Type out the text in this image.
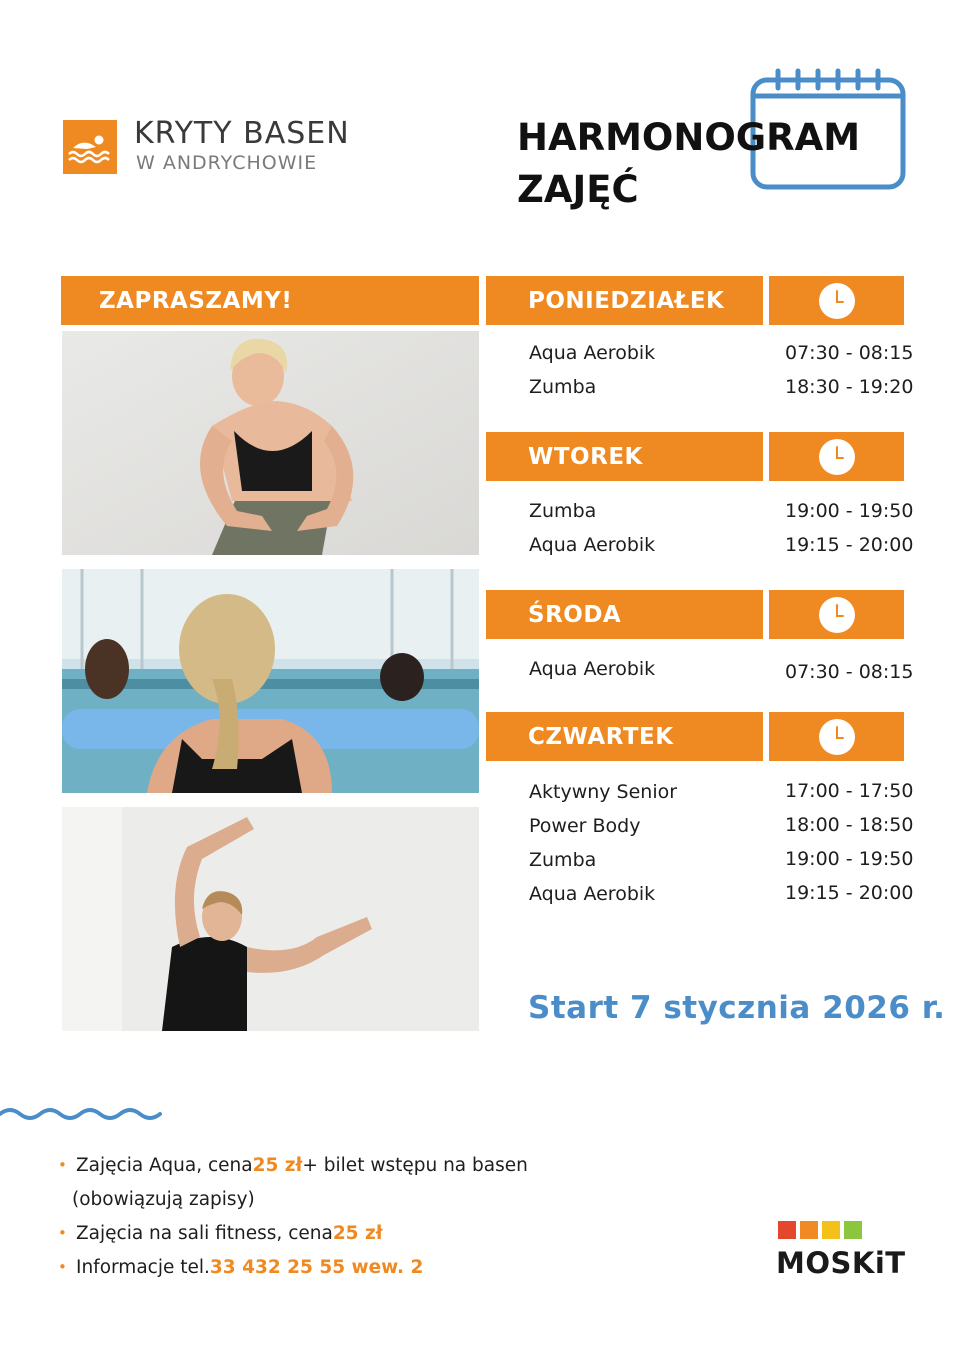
KRYTY BASEN
W ANDRYCHOWIE
HARMONOGRAM
ZAJĘĆ
ZAPRASZAMY!	PONIEDZIAŁEK
Aqua Aerobik	07:30 - 08:15
Zumba	18:30 - 19:20
WTOREK
Zumba	19:00 - 19:50
Aqua Aerobik	19:15 - 20:00
ŚRODA
Aqua Aerobik	07:30 - 08:15
CZWARTEK
Aktywny Senior	17:00 - 17:50
Power Body	18:00 - 18:50
Zumba	19:00 - 19:50
Aqua Aerobik	19:15 - 20:00
Start 7 stycznia 2026 r.
• Zajęcia Aqua, cena 25 zł + bilet wstępu na basen
(obowiązują zapisy)
• Zajęcia na sali fitness, cena 25 zł
• Informacje tel. 33 432 25 55 wew. 2	MOSKiT
